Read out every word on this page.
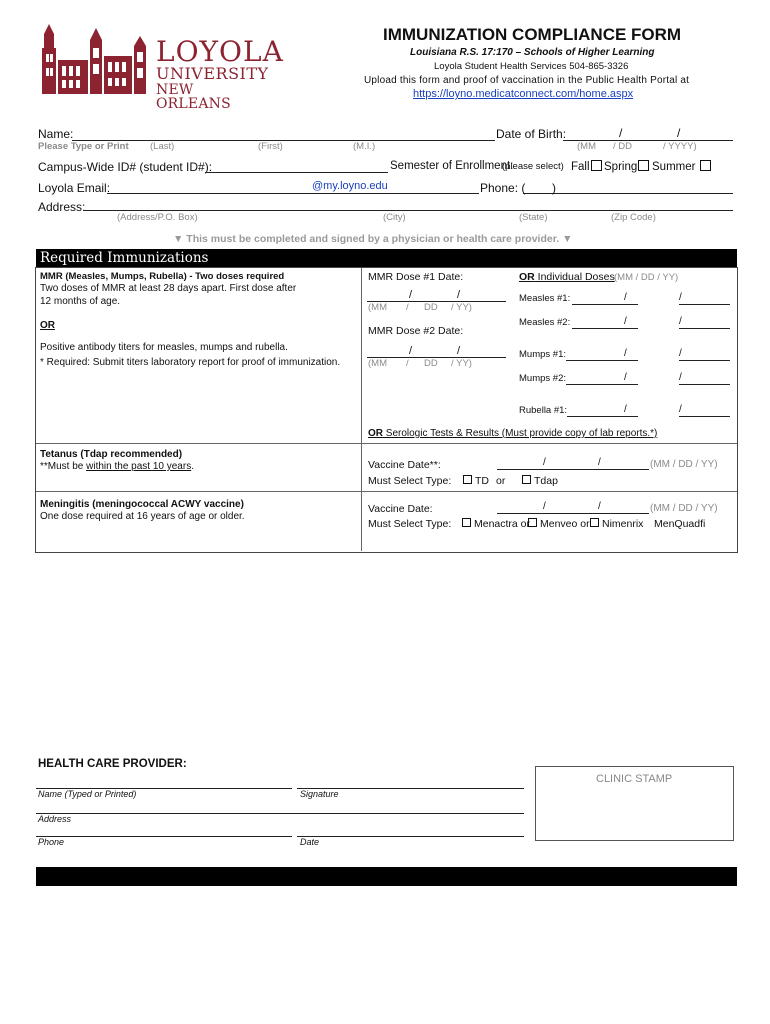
LOYOLA
UNIVERSITY
NEW ORLEANS
IMMUNIZATION COMPLIANCE FORM
Louisiana R.S. 17:170 – Schools of Higher Learning
Loyola Student Health Services 504-865-3326
Upload this form and proof of vaccination in the Public Health Portal at
https://loyno.medicatconnect.com/home.aspx
Name:	Date of Birth:	/	/
Please Type or Print (Last)	(First)	(M.I.)	(MM / DD	/ YYYY)
Campus-Wide ID# (student ID#):	Semester of Enrollment:
(please select) Fall	Spring	Summer
Loyola Email:	@my.loyno.edu	Phone: ( )
Address:
(Address/P.O. Box)	(City)	(State)	(Zip Code)
▼ This must be completed and signed by a physician or health care provider. ▼
Required Immunizations
MMR (Measles, Mumps, Rubella) - Two doses required
Two doses of MMR at least 28 days apart. First dose after
12 months of age.
OR
Positive antibody titers for measles, mumps and rubella.
* Required: Submit titers laboratory report for proof of immunization.
MMR Dose #1 Date:
/	/
(MM / DD / YY)
MMR Dose #2 Date:
/	/
(MM / DD / YY)
OR Individual Doses (MM / DD / YY)
Measles #1:	/	/
Measles #2:	/	/
Mumps #1:	/	/
Mumps #2:	/	/
Rubella #1:	/	/
OR Serologic Tests & Results (Must provide copy of lab reports.*)
Tetanus (Tdap recommended)
**Must be within the past 10 years.	Vaccine Date**:	/	/	(MM / DD / YY)
Must Select Type:	TD or	Tdap
Meningitis (meningococcal ACWY vaccine)
One dose required at 16 years of age or older.
Vaccine Date:	/	/	(MM / DD / YY)
Must Select Type:	Menactra or Menveo or	Nimenrix MenQuadfi
HEALTH CARE PROVIDER:
Name (Typed or Printed)	Signature
Address
Phone	Date
CLINIC STAMP
